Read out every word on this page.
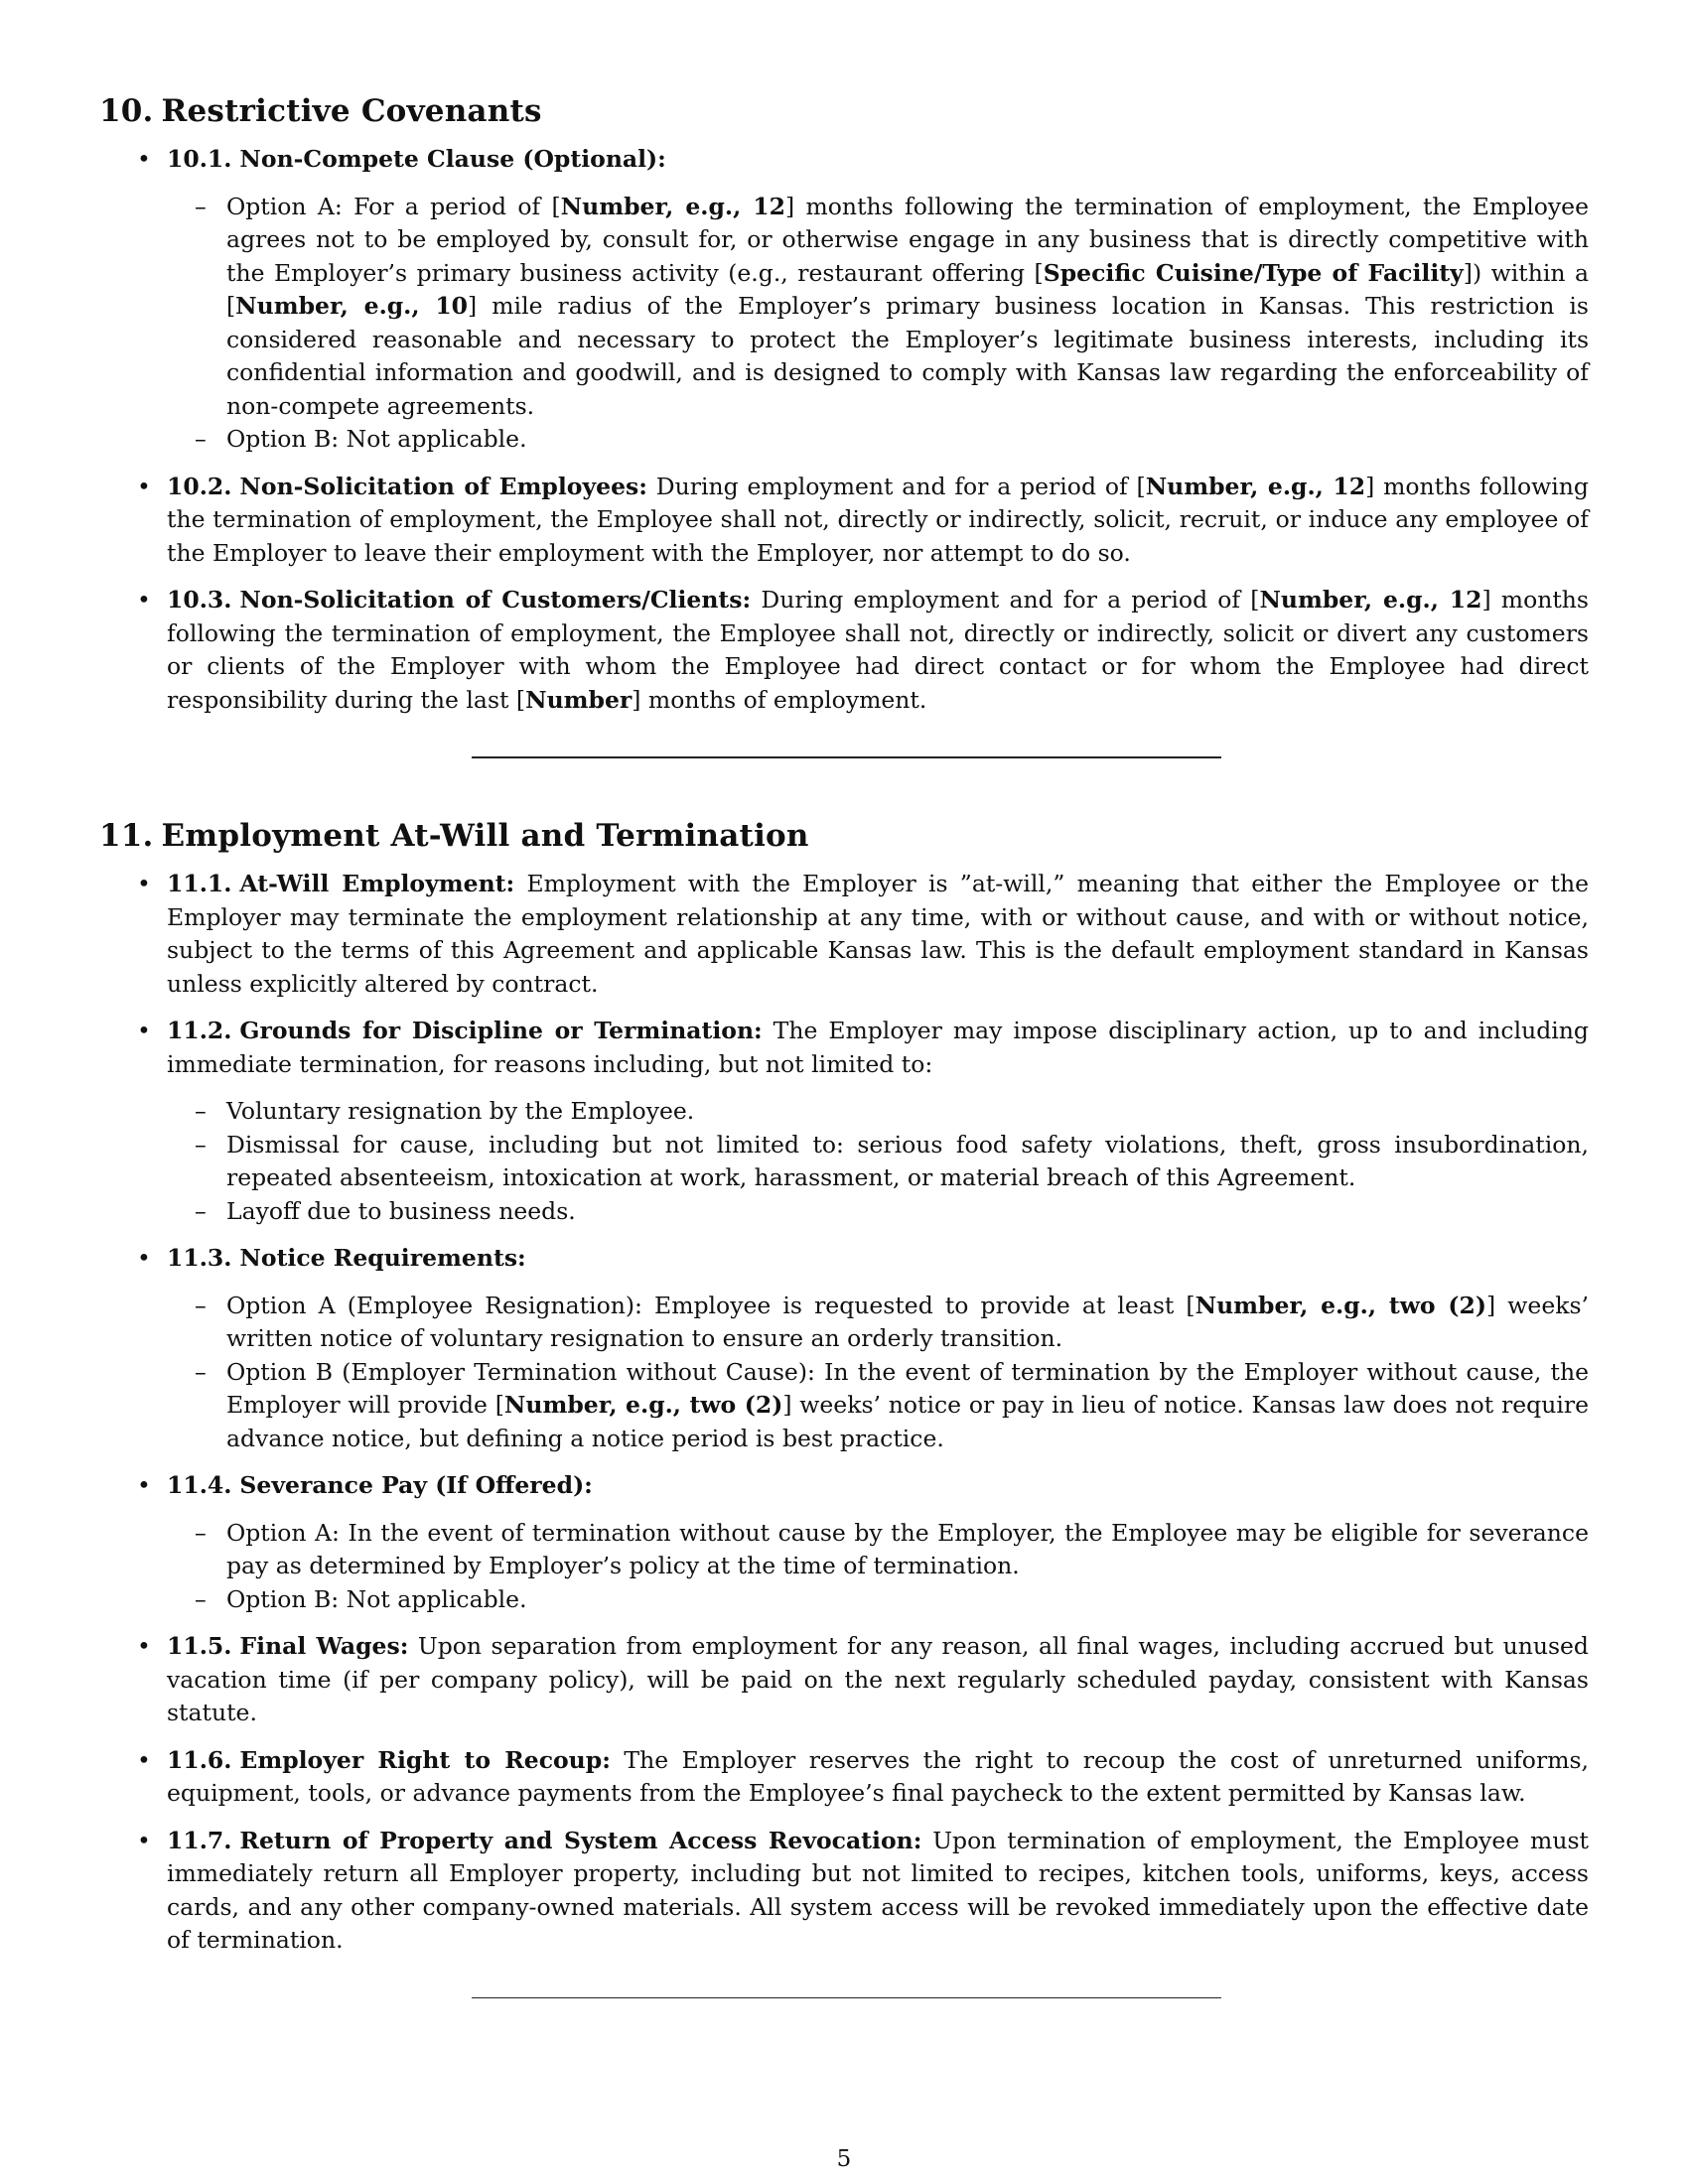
10. Restrictive Covenants
• 10.1. Non-Compete Clause (Optional):
– Option A: For a period of [Number, e.g., 12] months following the termination of employment, the Employee agrees not to be employed by, consult for, or otherwise engage in any business that is directly competitive with the Employer’s primary business activity (e.g., restaurant offering [Specific Cuisine/Type of Facility]) within a [Number, e.g., 10] mile radius of the Employer’s primary business location in Kansas. This restriction is considered reasonable and necessary to protect the Employer’s legitimate business interests, including its confidential information and goodwill, and is designed to comply with Kansas law regarding the enforceability of non-compete agreements.
– Option B: Not applicable.
• 10.2. Non-Solicitation of Employees: During employment and for a period of [Number, e.g., 12] months following the termination of employment, the Employee shall not, directly or indirectly, solicit, recruit, or induce any employee of the Employer to leave their employment with the Employer, nor attempt to do so.
• 10.3. Non-Solicitation of Customers/Clients: During employment and for a period of [Number, e.g., 12] months following the termination of employment, the Employee shall not, directly or indirectly, solicit or divert any customers or clients of the Employer with whom the Employee had direct contact or for whom the Employee had direct responsibility during the last [Number] months of employment.
11. Employment At-Will and Termination
• 11.1. At-Will Employment: Employment with the Employer is ”at-will,” meaning that either the Employee or the Employer may terminate the employment relationship at any time, with or without cause, and with or without notice, subject to the terms of this Agreement and applicable Kansas law. This is the default employment standard in Kansas unless explicitly altered by contract.
• 11.2. Grounds for Discipline or Termination: The Employer may impose disciplinary action, up to and including immediate termination, for reasons including, but not limited to:
– Voluntary resignation by the Employee.
– Dismissal for cause, including but not limited to: serious food safety violations, theft, gross insubordination, repeated absenteeism, intoxication at work, harassment, or material breach of this Agreement.
– Layoff due to business needs.
• 11.3. Notice Requirements:
– Option A (Employee Resignation): Employee is requested to provide at least [Number, e.g., two (2)] weeks’ written notice of voluntary resignation to ensure an orderly transition.
– Option B (Employer Termination without Cause): In the event of termination by the Employer without cause, the Employer will provide [Number, e.g., two (2)] weeks’ notice or pay in lieu of notice. Kansas law does not require advance notice, but defining a notice period is best practice.
• 11.4. Severance Pay (If Offered):
– Option A: In the event of termination without cause by the Employer, the Employee may be eligible for severance pay as determined by Employer’s policy at the time of termination.
– Option B: Not applicable.
• 11.5. Final Wages: Upon separation from employment for any reason, all final wages, including accrued but unused vacation time (if per company policy), will be paid on the next regularly scheduled payday, consistent with Kansas statute.
• 11.6. Employer Right to Recoup: The Employer reserves the right to recoup the cost of unreturned uniforms, equipment, tools, or advance payments from the Employee’s final paycheck to the extent permitted by Kansas law.
• 11.7. Return of Property and System Access Revocation: Upon termination of employment, the Employee must immediately return all Employer property, including but not limited to recipes, kitchen tools, uniforms, keys, access cards, and any other company-owned materials. All system access will be revoked immediately upon the effective date of termination.
5
